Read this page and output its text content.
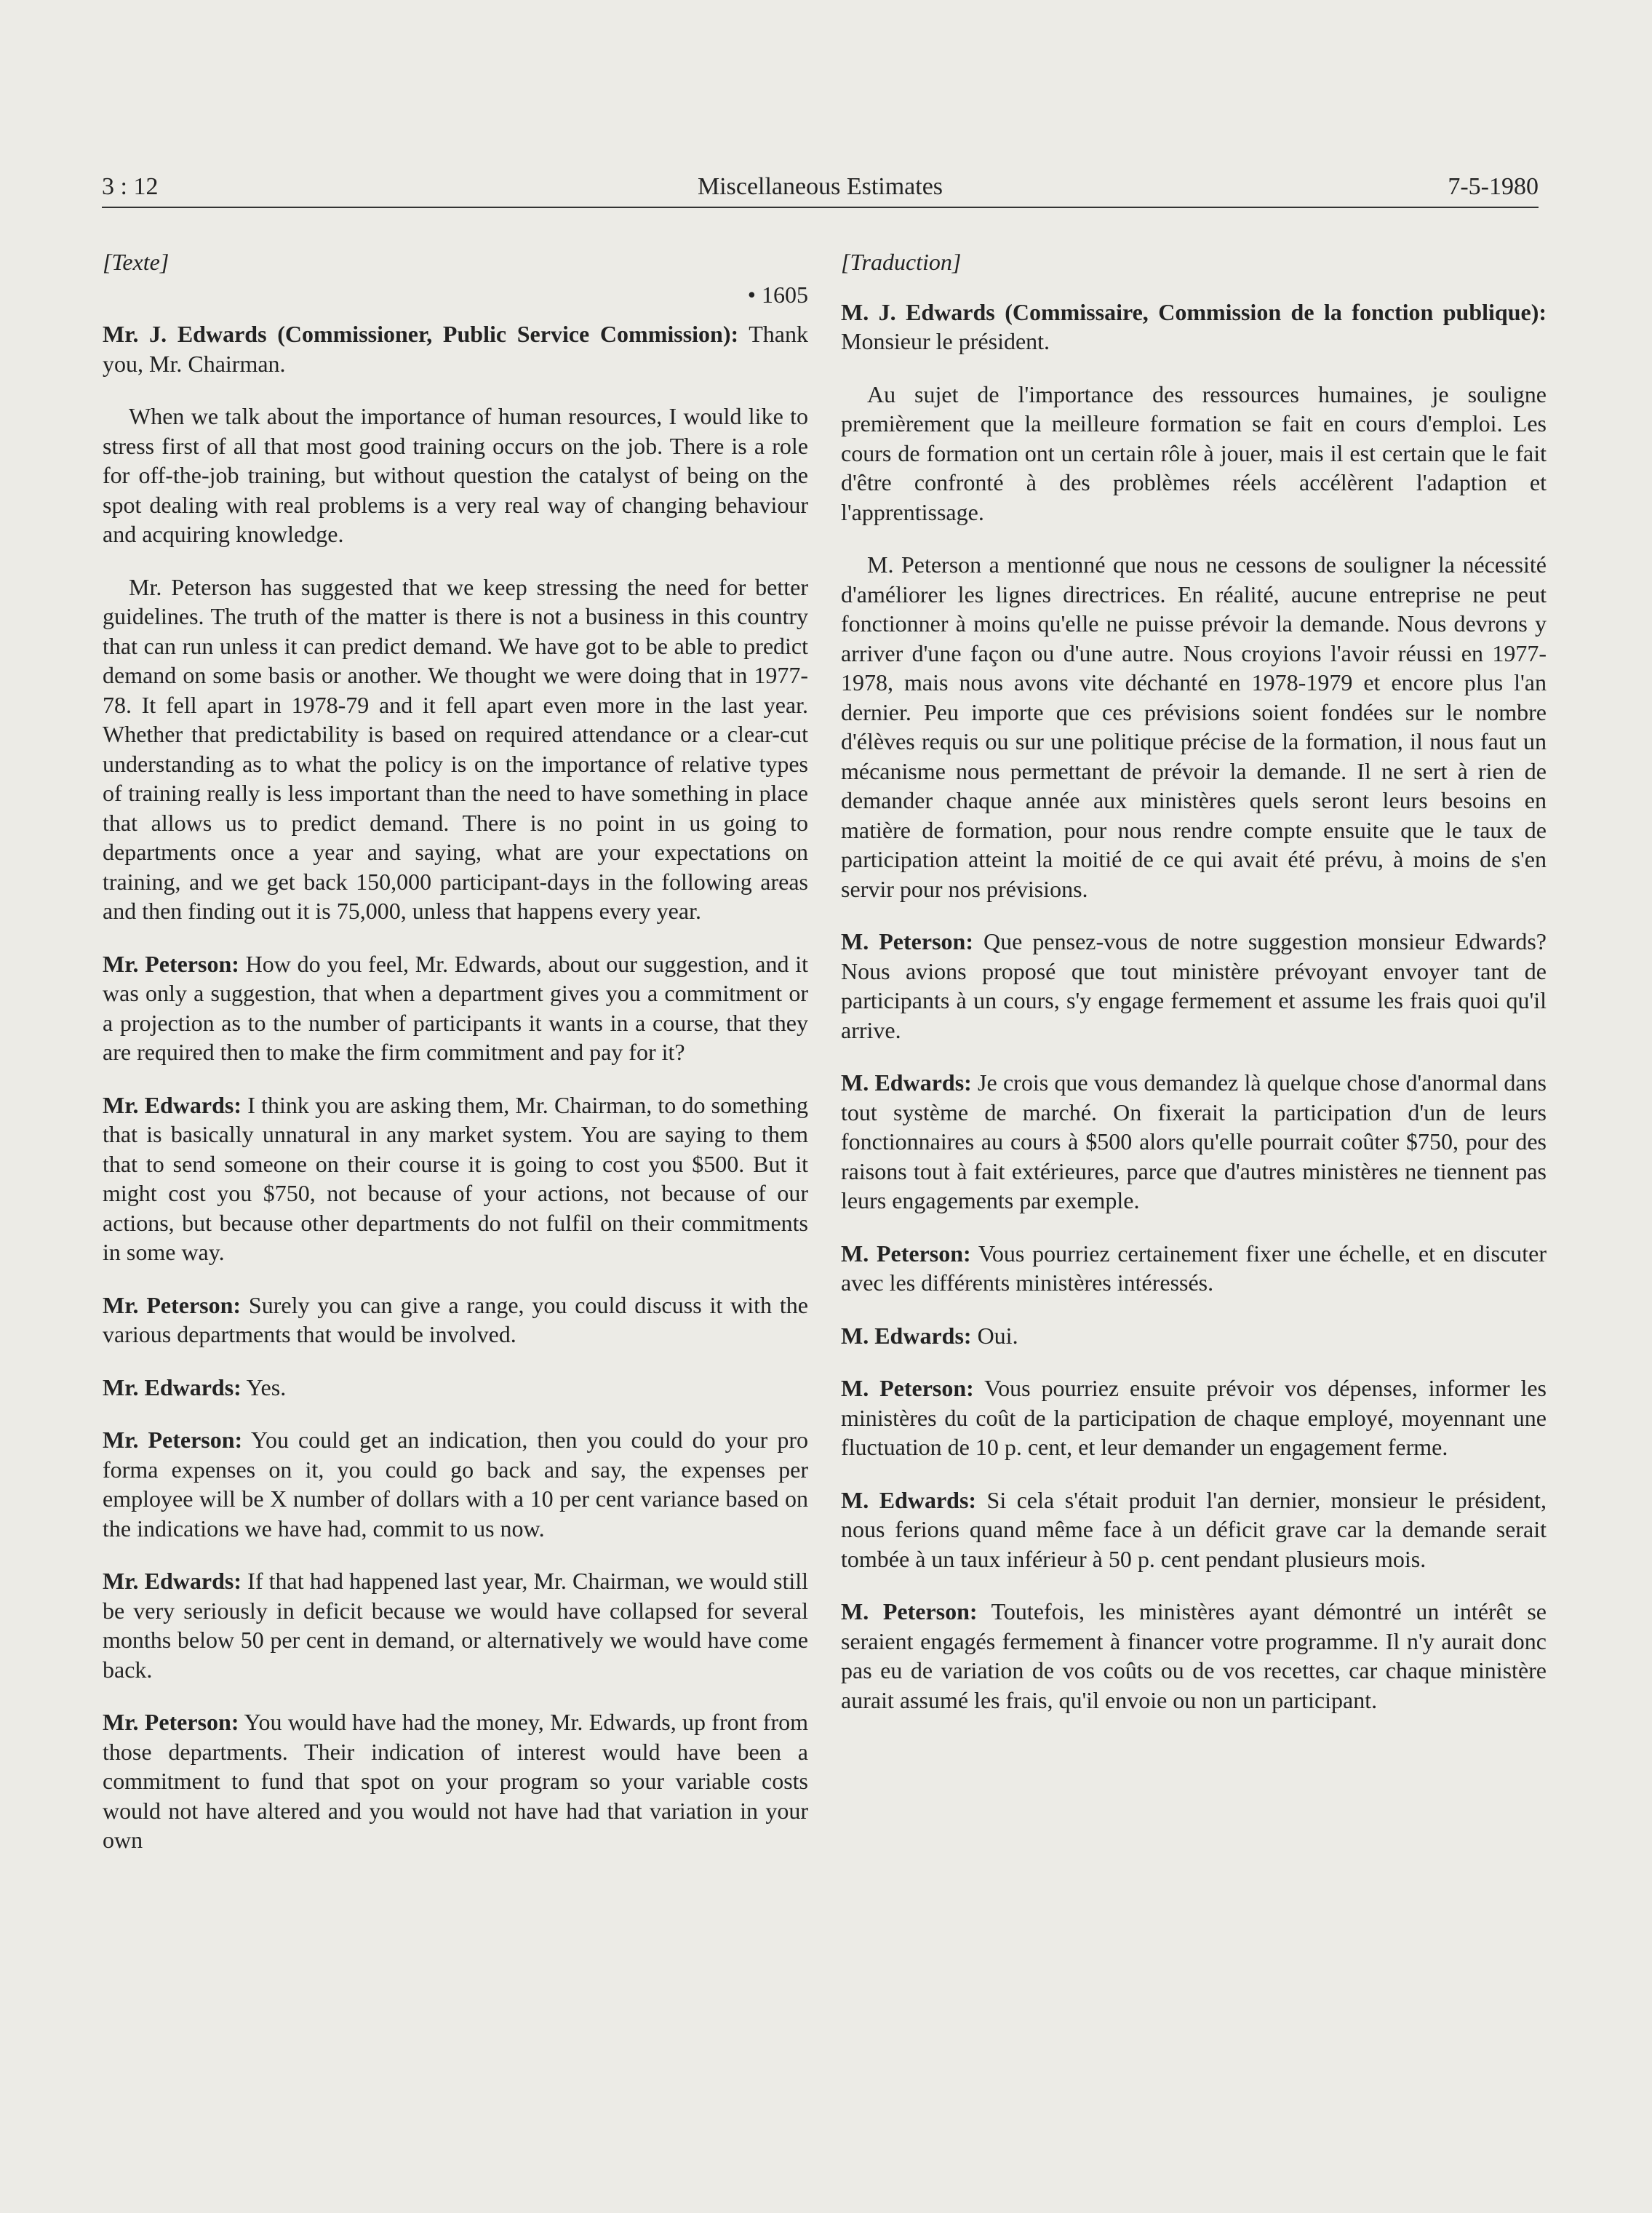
3 : 12	Miscellaneous Estimates	7-5-1980

[Texte]

• 1605

Mr. J. Edwards (Commissioner, Public Service Commission): Thank you, Mr. Chairman.

When we talk about the importance of human resources, I would like to stress first of all that most good training occurs on the job. There is a role for off-the-job training, but without question the catalyst of being on the spot dealing with real problems is a very real way of changing behaviour and acquiring knowledge.

Mr. Peterson has suggested that we keep stressing the need for better guidelines. The truth of the matter is there is not a business in this country that can run unless it can predict demand. We have got to be able to predict demand on some basis or another. We thought we were doing that in 1977-78. It fell apart in 1978-79 and it fell apart even more in the last year. Whether that predictability is based on required attendance or a clear-cut understanding as to what the policy is on the importance of relative types of training really is less important than the need to have something in place that allows us to predict demand. There is no point in us going to departments once a year and saying, what are your expectations on training, and we get back 150,000 participant-days in the following areas and then finding out it is 75,000, unless that happens every year.

Mr. Peterson: How do you feel, Mr. Edwards, about our suggestion, and it was only a suggestion, that when a department gives you a commitment or a projection as to the number of participants it wants in a course, that they are required then to make the firm commitment and pay for it?

Mr. Edwards: I think you are asking them, Mr. Chairman, to do something that is basically unnatural in any market system. You are saying to them that to send someone on their course it is going to cost you $500. But it might cost you $750, not because of your actions, not because of our actions, but because other departments do not fulfil on their commitments in some way.

Mr. Peterson: Surely you can give a range, you could discuss it with the various departments that would be involved.

Mr. Edwards: Yes.

Mr. Peterson: You could get an indication, then you could do your pro forma expenses on it, you could go back and say, the expenses per employee will be X number of dollars with a 10 per cent variance based on the indications we have had, commit to us now.

Mr. Edwards: If that had happened last year, Mr. Chairman, we would still be very seriously in deficit because we would have collapsed for several months below 50 per cent in demand, or alternatively we would have come back.

Mr. Peterson: You would have had the money, Mr. Edwards, up front from those departments. Their indication of interest would have been a commitment to fund that spot on your program so your variable costs would not have altered and you would not have had that variation in your own

[Traduction]

M. J. Edwards (Commissaire, Commission de la fonction publique): Monsieur le président.

Au sujet de l'importance des ressources humaines, je souligne premièrement que la meilleure formation se fait en cours d'emploi. Les cours de formation ont un certain rôle à jouer, mais il est certain que le fait d'être confronté à des problèmes réels accélèrent l'adaption et l'apprentissage.

M. Peterson a mentionné que nous ne cessons de souligner la nécessité d'améliorer les lignes directrices. En réalité, aucune entreprise ne peut fonctionner à moins qu'elle ne puisse prévoir la demande. Nous devrons y arriver d'une façon ou d'une autre. Nous croyions l'avoir réussi en 1977-1978, mais nous avons vite déchanté en 1978-1979 et encore plus l'an dernier. Peu importe que ces prévisions soient fondées sur le nombre d'élèves requis ou sur une politique précise de la formation, il nous faut un mécanisme nous permettant de prévoir la demande. Il ne sert à rien de demander chaque année aux ministères quels seront leurs besoins en matière de formation, pour nous rendre compte ensuite que le taux de participation atteint la moitié de ce qui avait été prévu, à moins de s'en servir pour nos prévisions.

M. Peterson: Que pensez-vous de notre suggestion monsieur Edwards? Nous avions proposé que tout ministère prévoyant envoyer tant de participants à un cours, s'y engage fermement et assume les frais quoi qu'il arrive.

M. Edwards: Je crois que vous demandez là quelque chose d'anormal dans tout système de marché. On fixerait la participation d'un de leurs fonctionnaires au cours à $500 alors qu'elle pourrait coûter $750, pour des raisons tout à fait extérieures, parce que d'autres ministères ne tiennent pas leurs engagements par exemple.

M. Peterson: Vous pourriez certainement fixer une échelle, et en discuter avec les différents ministères intéressés.

M. Edwards: Oui.

M. Peterson: Vous pourriez ensuite prévoir vos dépenses, informer les ministères du coût de la participation de chaque employé, moyennant une fluctuation de 10 p. cent, et leur demander un engagement ferme.

M. Edwards: Si cela s'était produit l'an dernier, monsieur le président, nous ferions quand même face à un déficit grave car la demande serait tombée à un taux inférieur à 50 p. cent pendant plusieurs mois.

M. Peterson: Toutefois, les ministères ayant démontré un intérêt se seraient engagés fermement à financer votre programme. Il n'y aurait donc pas eu de variation de vos coûts ou de vos recettes, car chaque ministère aurait assumé les frais, qu'il envoie ou non un participant.
